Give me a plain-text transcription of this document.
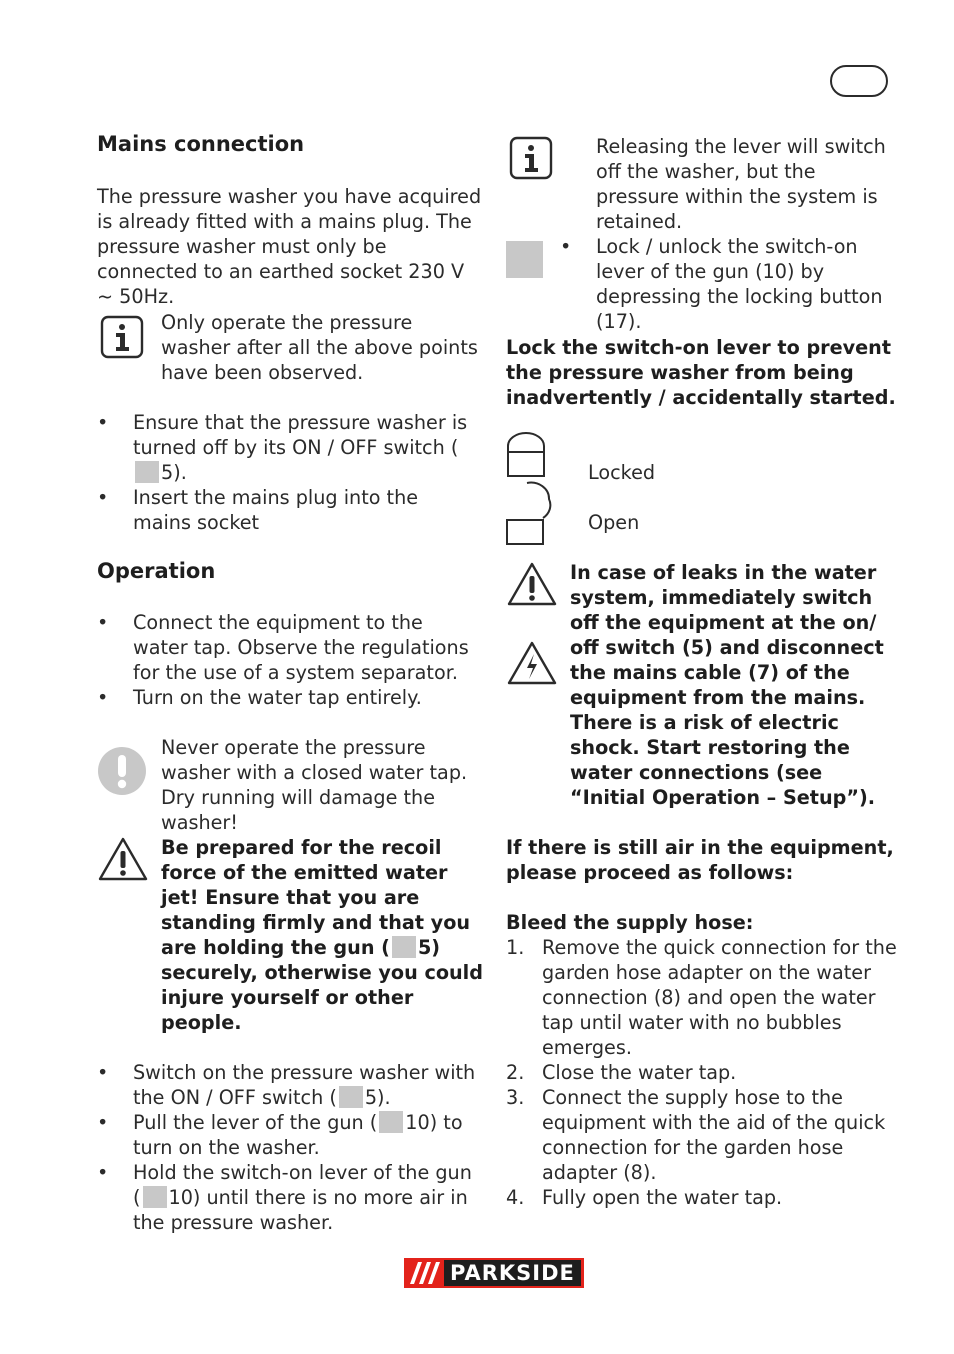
Mains connection

The pressure washer you have acquired is already fitted with a mains plug. The pressure washer must only be connected to an earthed socket 230 V ~ 50Hz.

Only operate the pressure washer after all the above points have been observed.

• Ensure that the pressure washer is turned off by its ON / OFF switch (5).
• Insert the mains plug into the mains socket
Operation
• Connect the equipment to the water tap. Observe the regulations for the use of a system separator.
• Turn on the water tap entirely.

Never operate the pressure washer with a closed water tap. Dry running will damage the washer!

Be prepared for the recoil force of the emitted water jet! Ensure that you are standing firmly and that you are holding the gun ( 5) securely, otherwise you could injure yourself or other people.

• Switch on the pressure washer with the ON / OFF switch ( 5).
• Pull the lever of the gun ( 10) to turn on the washer.
• Hold the switch-on lever of the gun ( 10) until there is no more air in the pressure washer.

Releasing the lever will switch off the washer, but the pressure within the system is retained.

• Lock / unlock the switch-on lever of the gun (10) by depressing the locking button (17).

Lock the switch-on lever to prevent the pressure washer from being inadvertently / accidentally started.

Locked
Open

In case of leaks in the water system, immediately switch off the equipment at the on/ off switch (5) and disconnect the mains cable (7) of the equipment from the mains. There is a risk of electric shock. Start restoring the water connections (see “Initial Operation – Setup”).

If there is still air in the equipment, please proceed as follows:

Bleed the supply hose:

1. Remove the quick connection for the garden hose adapter on the water connection (8) and open the water tap until water with no bubbles emerges.
2. Close the water tap.
3. Connect the supply hose to the equipment with the aid of the quick connection for the garden hose adapter (8).
4. Fully open the water tap.
PARKSIDE
